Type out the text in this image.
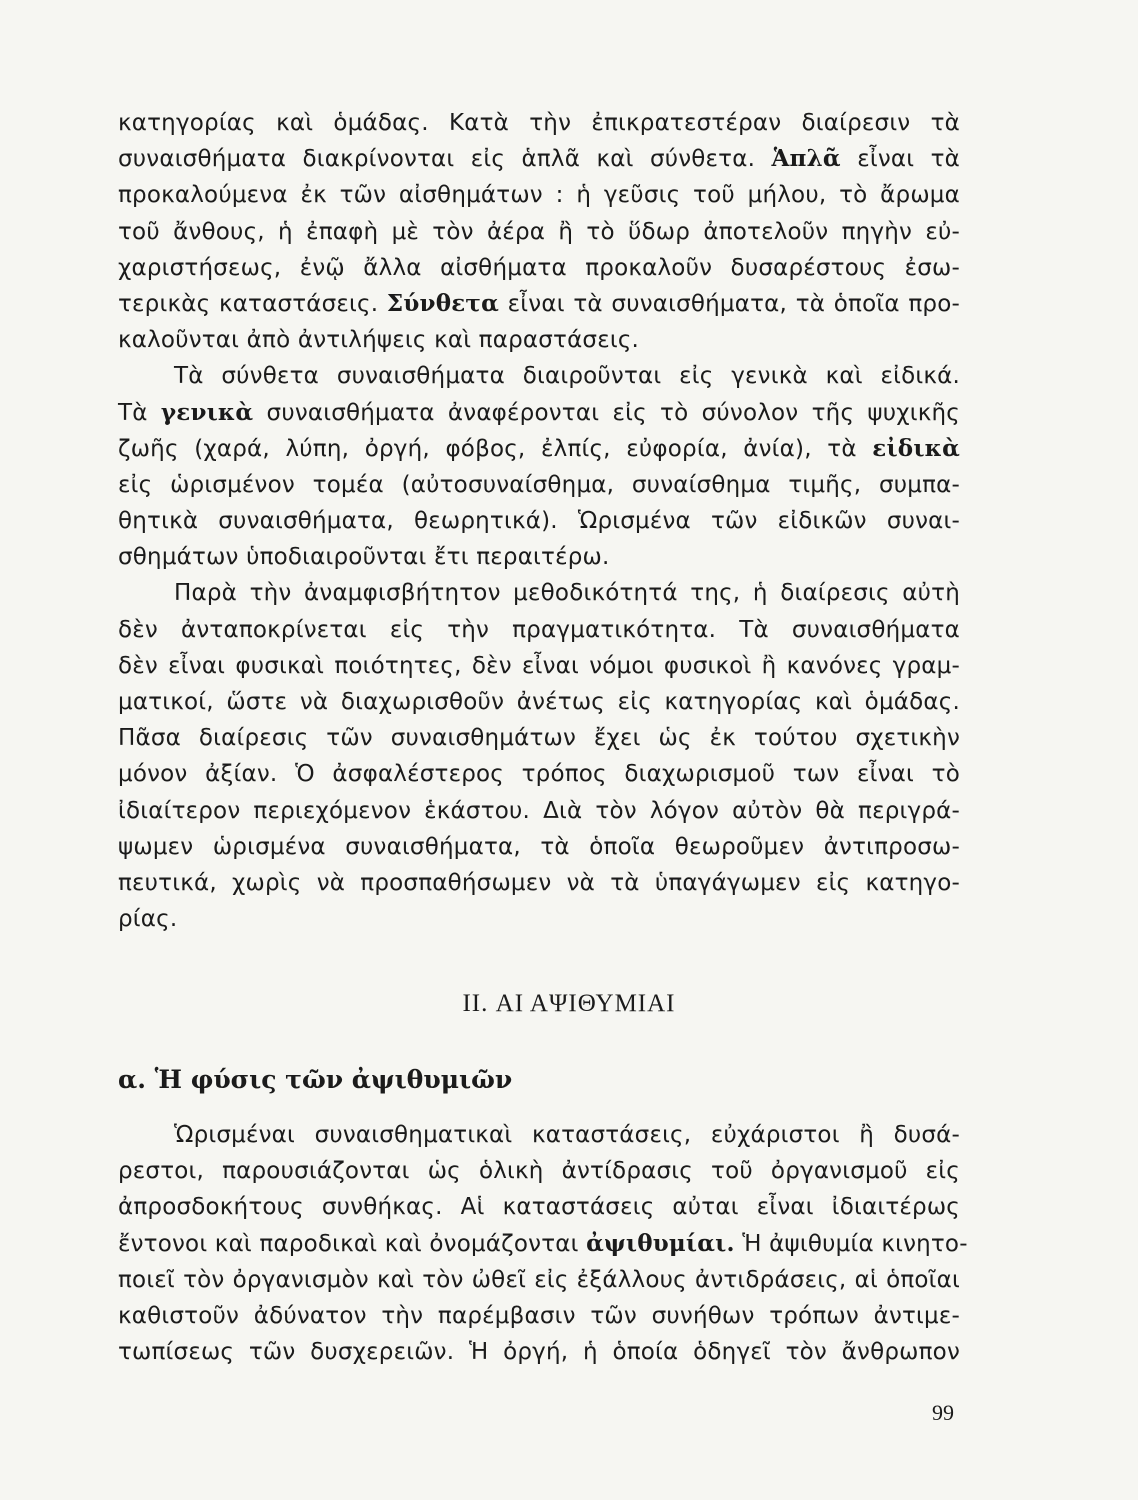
κατηγορίας καὶ ὁμάδας. Κατὰ τὴν ἐπικρατεστέραν διαίρεσιν τὰ
συναισθήματα διακρίνονται εἰς ἁπλᾶ καὶ σύνθετα. Ἁπλᾶ εἶναι τὰ
προκαλούμενα ἐκ τῶν αἰσθημάτων : ἡ γεῦσις τοῦ μήλου, τὸ ἄρωμα
τοῦ ἄνθους, ἡ ἐπαφὴ μὲ τὸν ἀέρα ἢ τὸ ὕδωρ ἀποτελοῦν πηγὴν εὐ-
χαριστήσεως, ἐνῷ ἄλλα αἰσθήματα προκαλοῦν δυσαρέστους ἐσω-
τερικὰς καταστάσεις. Σύνθετα εἶναι τὰ συναισθήματα, τὰ ὁποῖα προ-
καλοῦνται ἀπὸ ἀντιλήψεις καὶ παραστάσεις.
Τὰ σύνθετα συναισθήματα διαιροῦνται εἰς γενικὰ καὶ εἰδικά.
Τὰ γενικὰ συναισθήματα ἀναφέρονται εἰς τὸ σύνολον τῆς ψυχικῆς
ζωῆς (χαρά, λύπη, ὀργή, φόβος, ἐλπίς, εὐφορία, ἀνία), τὰ εἰδικὰ
εἰς ὡρισμένον τομέα (αὐτοσυναίσθημα, συναίσθημα τιμῆς, συμπα-
θητικὰ συναισθήματα, θεωρητικά). Ὡρισμένα τῶν εἰδικῶν συναι-
σθημάτων ὑποδιαιροῦνται ἔτι περαιτέρω.
Παρὰ τὴν ἀναμφισβήτητον μεθοδικότητά της, ἡ διαίρεσις αὐτὴ
δὲν ἀνταποκρίνεται εἰς τὴν πραγματικότητα. Τὰ συναισθήματα
δὲν εἶναι φυσικαὶ ποιότητες, δὲν εἶναι νόμοι φυσικοὶ ἢ κανόνες γραμ-
ματικοί, ὥστε νὰ διαχωρισθοῦν ἀνέτως εἰς κατηγορίας καὶ ὁμάδας.
Πᾶσα διαίρεσις τῶν συναισθημάτων ἔχει ὡς ἐκ τούτου σχετικὴν
μόνον ἀξίαν. Ὁ ἀσφαλέστερος τρόπος διαχωρισμοῦ των εἶναι τὸ
ἰδιαίτερον περιεχόμενον ἑκάστου. Διὰ τὸν λόγον αὐτὸν θὰ περιγρά-
ψωμεν ὡρισμένα συναισθήματα, τὰ ὁποῖα θεωροῦμεν ἀντιπροσω-
πευτικά, χωρὶς νὰ προσπαθήσωμεν νὰ τὰ ὑπαγάγωμεν εἰς κατηγο-
ρίας.
II. ΑΙ ΑΨΙΘΥΜΙΑΙ
α. Ἡ φύσις τῶν ἀψιθυμιῶν
Ὡρισμέναι συναισθηματικαὶ καταστάσεις, εὐχάριστοι ἢ δυσά-
ρεστοι, παρουσιάζονται ὡς ὁλικὴ ἀντίδρασις τοῦ ὀργανισμοῦ εἰς
ἀπροσδοκήτους συνθήκας. Αἱ καταστάσεις αὐται εἶναι ἰδιαιτέρως
ἔντονοι καὶ παροδικαὶ καὶ ὀνομάζονται ἀψιθυμίαι. Ἡ ἀψιθυμία κινητο-
ποιεῖ τὸν ὀργανισμὸν καὶ τὸν ὠθεῖ εἰς ἐξάλλους ἀντιδράσεις, αἱ ὁποῖαι
καθιστοῦν ἀδύνατον τὴν παρέμβασιν τῶν συνήθων τρόπων ἀντιμε-
τωπίσεως τῶν δυσχερειῶν. Ἡ ὀργή, ἡ ὁποία ὁδηγεῖ τὸν ἄνθρωπον
99
